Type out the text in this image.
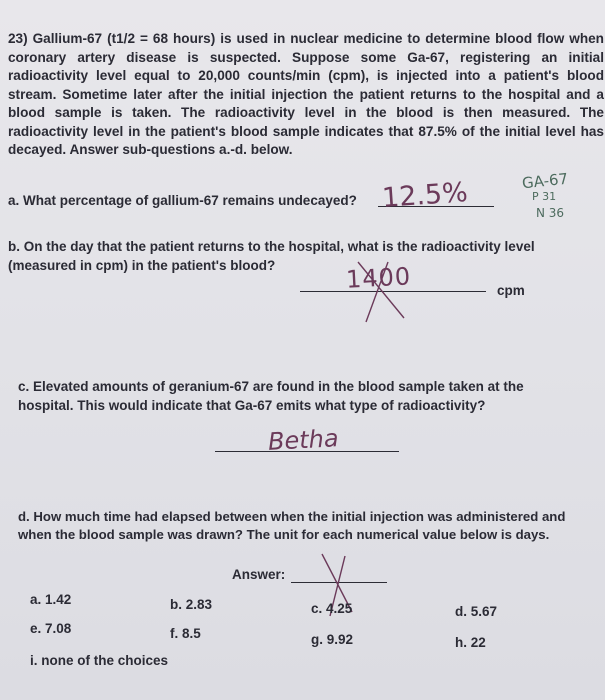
23) Gallium-67 (t1/2 = 68 hours) is used in nuclear medicine to determine blood flow when coronary artery disease is suspected. Suppose some Ga-67, registering an initial radioactivity level equal to 20,000 counts/min (cpm), is injected into a patient's blood stream. Sometime later after the initial injection the patient returns to the hospital and a blood sample is taken. The radioactivity level in the blood is then measured. The radioactivity level in the patient's blood sample indicates that 87.5% of the initial level has decayed. Answer sub-questions a.-d. below.
a. What percentage of gallium-67 remains undecayed? 12.5%	GA-67
P 31
N 36
b. On the day that the patient returns to the hospital, what is the radioactivity level
(measured in cpm) in the patient's blood?
cpm
1400
c. Elevated amounts of geranium-67 are found in the blood sample taken at the
hospital. This would indicate that Ga-67 emits what type of radioactivity?
Betha
d. How much time had elapsed between when the initial injection was administered and
when the blood sample was drawn? The unit for each numerical value below is days.
Answer:
a. 1.42	b. 2.83	c. 4.25	d. 5.67
e. 7.08	f. 8.5	g. 9.92	h. 22
i. none of the choices
